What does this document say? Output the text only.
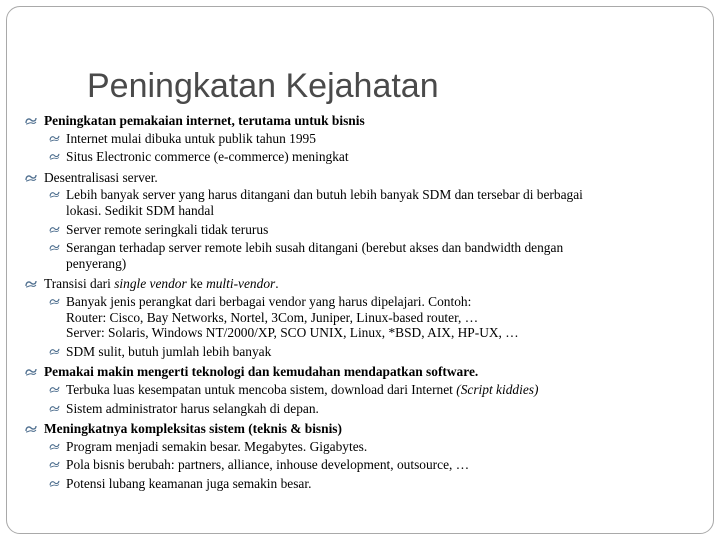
Peningkatan Kejahatan
Peningkatan pemakaian internet, terutama untuk bisnis
Internet mulai dibuka untuk publik tahun 1995
Situs Electronic commerce (e-commerce) meningkat
Desentralisasi server.
Lebih banyak server yang harus ditangani dan butuh lebih banyak SDM dan tersebar di berbagai
lokasi. Sedikit SDM handal
Server remote seringkali tidak terurus
Serangan terhadap server remote lebih susah ditangani (berebut akses dan bandwidth dengan
penyerang)
Transisi dari single vendor ke multi-vendor.
Banyak jenis perangkat dari berbagai vendor yang harus dipelajari. Contoh:
Router: Cisco, Bay Networks, Nortel, 3Com, Juniper, Linux-based router, …
Server: Solaris, Windows NT/2000/XP, SCO UNIX, Linux, *BSD, AIX, HP-UX, …
SDM sulit, butuh jumlah lebih banyak
Pemakai makin mengerti teknologi dan kemudahan mendapatkan software.
Terbuka luas kesempatan untuk mencoba sistem, download dari Internet (Script kiddies)
Sistem administrator harus selangkah di depan.
Meningkatnya kompleksitas sistem (teknis & bisnis)
Program menjadi semakin besar. Megabytes. Gigabytes.
Pola bisnis berubah: partners, alliance, inhouse development, outsource, …
Potensi lubang keamanan juga semakin besar.
